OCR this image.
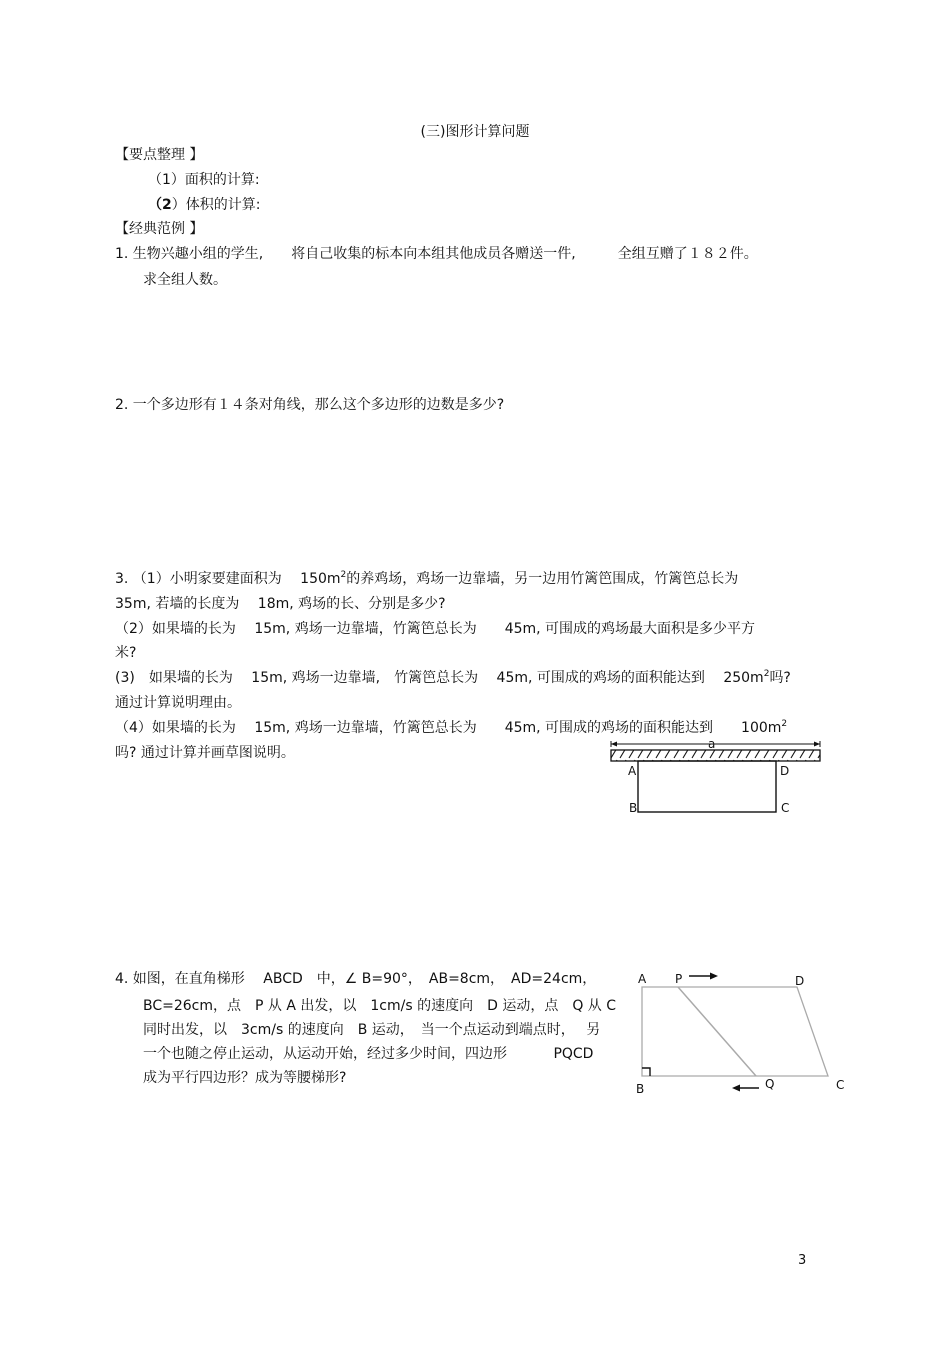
(三)图形计算问题
【要点整理 】
（1）面积的计算:
（2）体积的计算:
【经典范例 】
1. 生物兴趣小组的学生,　　将自己收集的标本向本组其他成员各赠送一件,　　　全组互赠了１８２件。
求全组人数。
2. 一个多边形有１４条对角线，那么这个多边形的边数是多少?
3. （1）小明家要建面积为　 $150m^2$的养鸡场，鸡场一边靠墙，另一边用竹篱笆围成，竹篱笆总长为
35m, 若墙的长度为　 18m, 鸡场的长、分别是多少?
（2）如果墙的长为　 15m, 鸡场一边靠墙，竹篱笆总长为　　45m, 可围成的鸡场最大面积是多少平方
米?
(3)　如果墙的长为　 15m, 鸡场一边靠墙,　竹篱笆总长为　 45m, 可围成的鸡场的面积能达到　 $250m^2$吗?
通过计算说明理由。
（4）如果墙的长为　 15m, 鸡场一边靠墙，竹篱笆总长为　　45m, 可围成的鸡场的面积能达到　　$100m^2$
吗? 通过计算并画草图说明。
a
A	D
B	C
4. 如图，在直角梯形　 ABCD　中，∠ B=90°，　AB=8cm，　AD=24cm，
BC=26cm，点　P 从 A 出发，以　1cm/s 的速度向　D 运动，点　Q 从 C
同时出发，以　3cm/s 的速度向　B 运动，　当一个点运动到端点时，　 另
一个也随之停止运动，从运动开始，经过多少时间，四边形　　　 PQCD
成为平行四边形？成为等腰梯形?
A P	D
B	Q	C
3
